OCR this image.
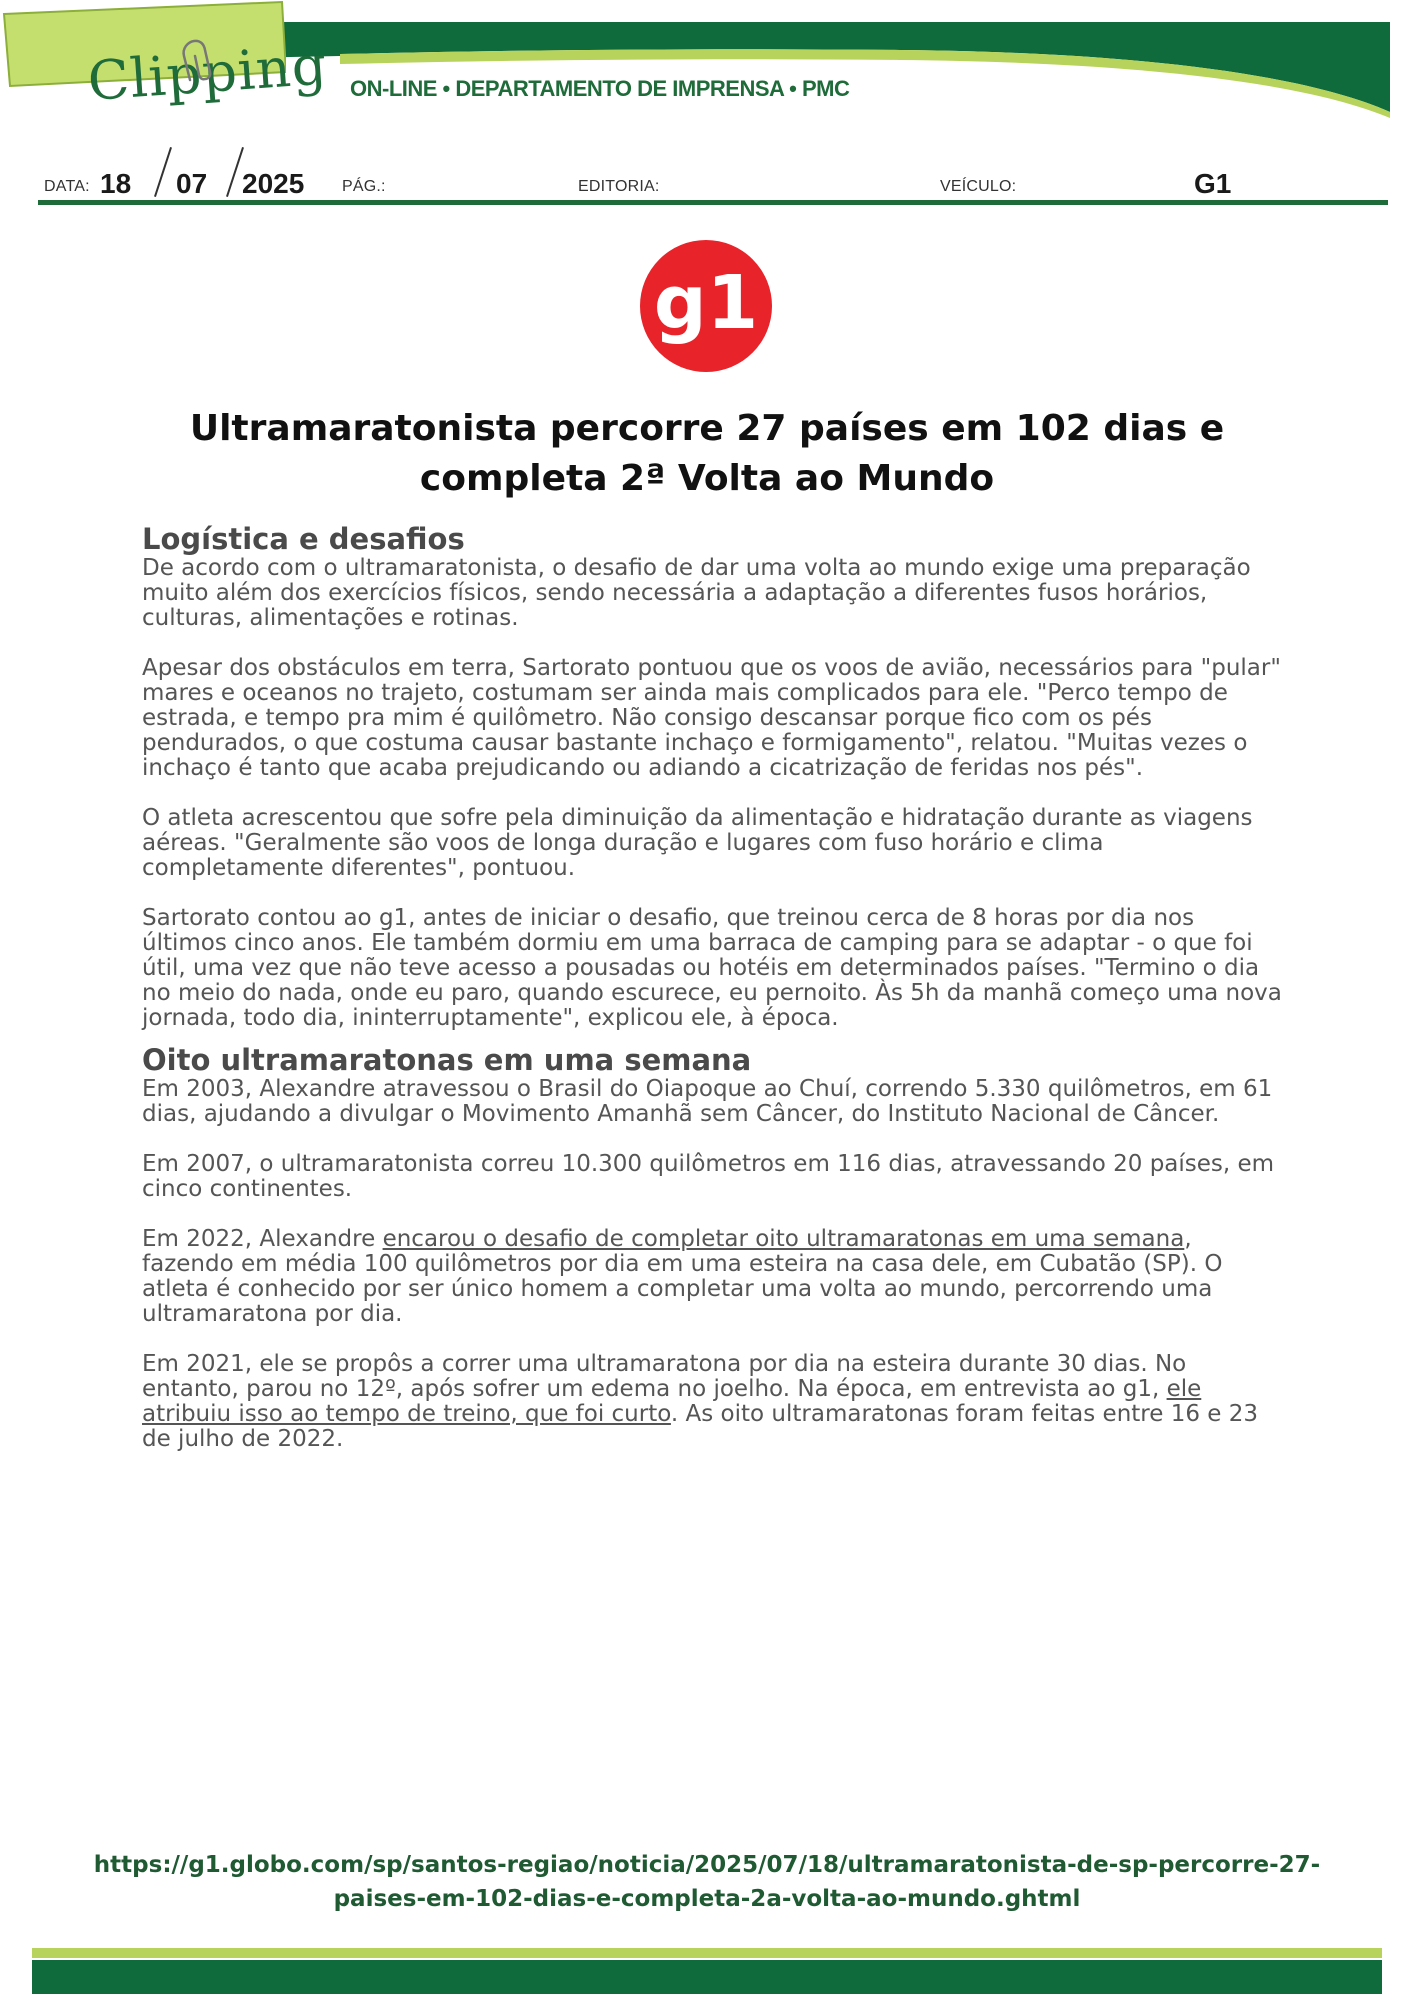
Clipping ON-LINE • DEPARTAMENTO DE IMPRENSA • PMC
DATA: 18 07 2025 PÁG.:	EDITORIA:	VEÍCULO:	G1
g1
Ultramaratonista percorre 27 países em 102 dias e
completa 2ª Volta ao Mundo
Logística e desafios

De acordo com o ultramaratonista, o desafio de dar uma volta ao mundo exige uma preparação muito além dos exercícios físicos, sendo necessária a adaptação a diferentes fusos horários, culturas, alimentações e rotinas.

Apesar dos obstáculos em terra, Sartorato pontuou que os voos de avião, necessários para "pular" mares e oceanos no trajeto, costumam ser ainda mais complicados para ele. "Perco tempo de estrada, e tempo pra mim é quilômetro. Não consigo descansar porque fico com os pés pendurados, o que costuma causar bastante inchaço e formigamento", relatou. "Muitas vezes o inchaço é tanto que acaba prejudicando ou adiando a cicatrização de feridas nos pés".

O atleta acrescentou que sofre pela diminuição da alimentação e hidratação durante as viagens aéreas. "Geralmente são voos de longa duração e lugares com fuso horário e clima completamente diferentes", pontuou.

Sartorato contou ao g1, antes de iniciar o desafio, que treinou cerca de 8 horas por dia nos últimos cinco anos. Ele também dormiu em uma barraca de camping para se adaptar - o que foi útil, uma vez que não teve acesso a pousadas ou hotéis em determinados países. "Termino o dia no meio do nada, onde eu paro, quando escurece, eu pernoito. Às 5h da manhã começo uma nova jornada, todo dia, ininterruptamente", explicou ele, à época.

Oito ultramaratonas em uma semana

Em 2003, Alexandre atravessou o Brasil do Oiapoque ao Chuí, correndo 5.330 quilômetros, em 61 dias, ajudando a divulgar o Movimento Amanhã sem Câncer, do Instituto Nacional de Câncer.

Em 2007, o ultramaratonista correu 10.300 quilômetros em 116 dias, atravessando 20 países, em cinco continentes.

Em 2022, Alexandre encarou o desafio de completar oito ultramaratonas em uma semana, fazendo em média 100 quilômetros por dia em uma esteira na casa dele, em Cubatão (SP). O atleta é conhecido por ser único homem a completar uma volta ao mundo, percorrendo uma ultramaratona por dia.

Em 2021, ele se propôs a correr uma ultramaratona por dia na esteira durante 30 dias. No entanto, parou no 12º, após sofrer um edema no joelho. Na época, em entrevista ao g1, ele atribuiu isso ao tempo de treino, que foi curto. As oito ultramaratonas foram feitas entre 16 e 23 de julho de 2022.

https://g1.globo.com/sp/santos-regiao/noticia/2025/07/18/ultramaratonista-de-sp-percorre-27-
paises-em-102-dias-e-completa-2a-volta-ao-mundo.ghtml
